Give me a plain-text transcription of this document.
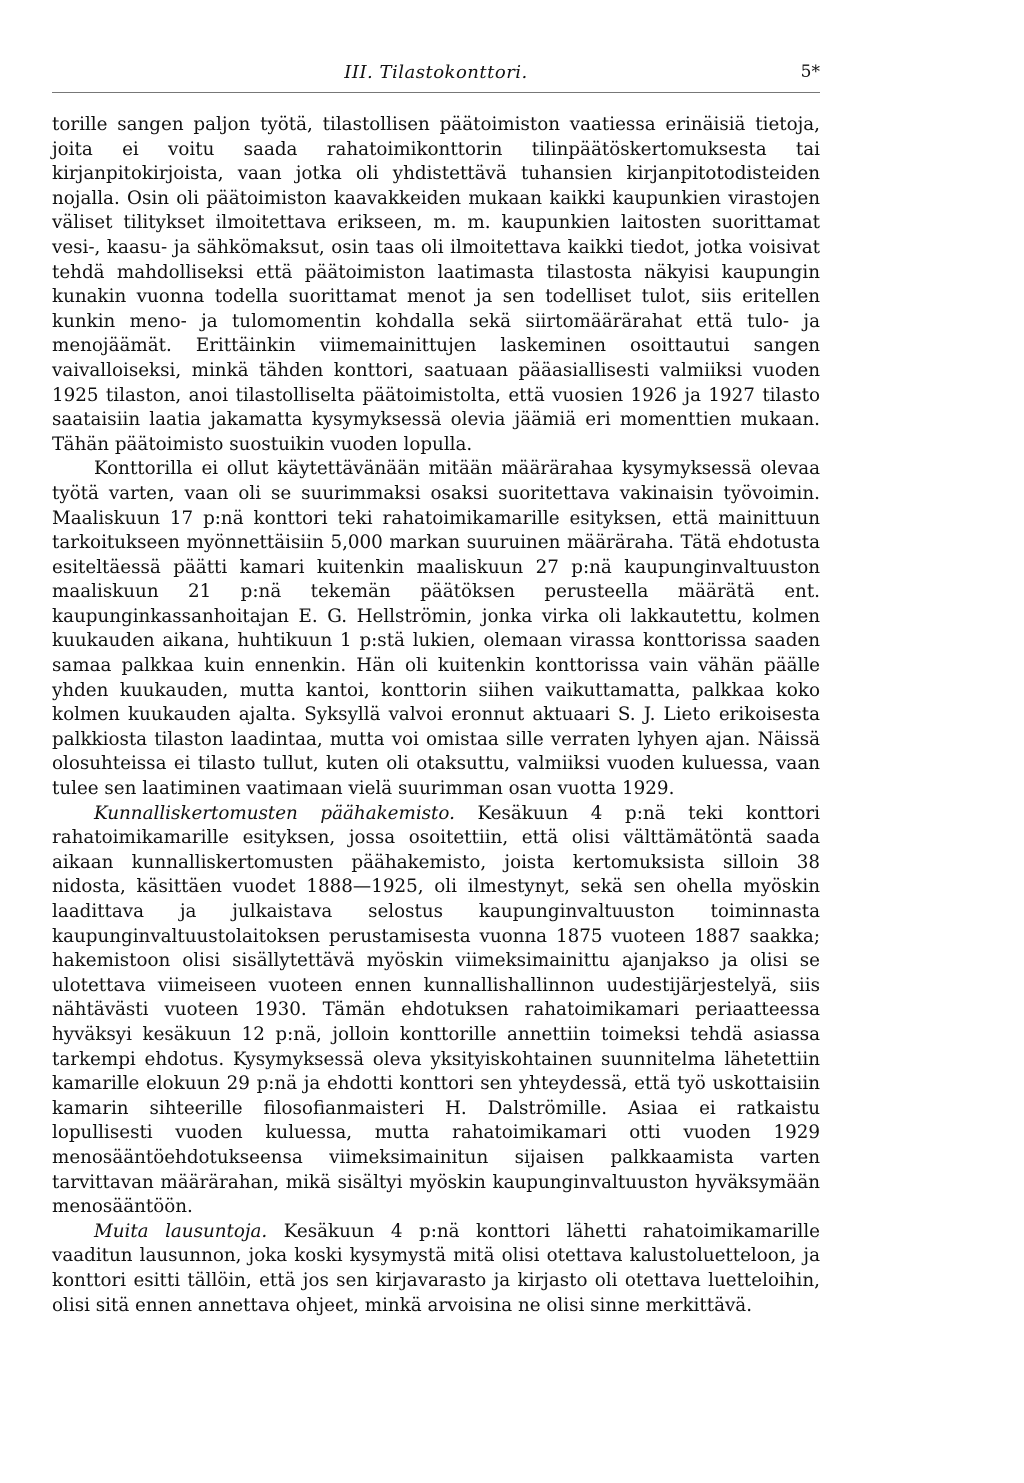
III. Tilastokonttori.	5*

torille sangen paljon työtä, tilastollisen päätoimiston vaatiessa erinäisiä tietoja, joita ei voitu saada rahatoimikonttorin tilinpäätöskertomuksesta tai kirjanpitokirjoista, vaan jotka oli yhdistettävä tuhansien kirjanpitotodisteiden nojalla. Osin oli päätoimiston kaavakkeiden mukaan kaikki kaupunkien virastojen väliset tilitykset ilmoitettava erikseen, m. m. kaupunkien laitosten suorittamat vesi-, kaasu- ja sähkömaksut, osin taas oli ilmoitettava kaikki tiedot, jotka voisivat tehdä mahdolliseksi että päätoimiston laatimasta tilastosta näkyisi kaupungin kunakin vuonna todella suorittamat menot ja sen todelliset tulot, siis eritellen kunkin meno- ja tulomomentin kohdalla sekä siirtomäärärahat että tulo- ja menojäämät. Erittäinkin viimemainittujen laskeminen osoittautui sangen vaivalloiseksi, minkä tähden konttori, saatuaan pääasiallisesti valmiiksi vuoden 1925 tilaston, anoi tilastolliselta päätoimistolta, että vuosien 1926 ja 1927 tilasto saataisiin laatia jakamatta kysymyksessä olevia jäämiä eri momenttien mukaan. Tähän päätoimisto suostuikin vuoden lopulla.

Konttorilla ei ollut käytettävänään mitään määrärahaa kysymyksessä olevaa työtä varten, vaan oli se suurimmaksi osaksi suoritettava vakinaisin työvoimin. Maaliskuun 17 p:nä konttori teki rahatoimikamarille esityksen, että mainittuun tarkoitukseen myönnettäisiin 5,000 markan suuruinen määräraha. Tätä ehdotusta esiteltäessä päätti kamari kuitenkin maaliskuun 27 p:nä kaupunginvaltuuston maaliskuun 21 p:nä tekemän päätöksen perusteella määrätä ent. kaupunginkassanhoitajan E. G. Hellströmin, jonka virka oli lakkautettu, kolmen kuukauden aikana, huhtikuun 1 p:stä lukien, olemaan virassa konttorissa saaden samaa palkkaa kuin ennenkin. Hän oli kuitenkin konttorissa vain vähän päälle yhden kuukauden, mutta kantoi, konttorin siihen vaikuttamatta, palkkaa koko kolmen kuukauden ajalta. Syksyllä valvoi eronnut aktuaari S. J. Lieto erikoisesta palkkiosta tilaston laadintaa, mutta voi omistaa sille verraten lyhyen ajan. Näissä olosuhteissa ei tilasto tullut, kuten oli otaksuttu, valmiiksi vuoden kuluessa, vaan tulee sen laatiminen vaatimaan vielä suurimman osan vuotta 1929.

Kunnalliskertomusten päähakemisto. Kesäkuun 4 p:nä teki konttori rahatoimikamarille esityksen, jossa osoitettiin, että olisi välttämätöntä saada aikaan kunnalliskertomusten päähakemisto, joista kertomuksista silloin 38 nidosta, käsittäen vuodet 1888—1925, oli ilmestynyt, sekä sen ohella myöskin laadittava ja julkaistava selostus kaupunginvaltuuston toiminnasta kaupunginvaltuustolaitoksen perustamisesta vuonna 1875 vuoteen 1887 saakka; hakemistoon olisi sisällytettävä myöskin viimeksimainittu ajanjakso ja olisi se ulotettava viimeiseen vuoteen ennen kunnallishallinnon uudestijärjestelyä, siis nähtävästi vuoteen 1930. Tämän ehdotuksen rahatoimikamari periaatteessa hyväksyi kesäkuun 12 p:nä, jolloin konttorille annettiin toimeksi tehdä asiassa tarkempi ehdotus. Kysymyksessä oleva yksityiskohtainen suunnitelma lähetettiin kamarille elokuun 29 p:nä ja ehdotti konttori sen yhteydessä, että työ uskottaisiin kamarin sihteerille filosofianmaisteri H. Dalströmille. Asiaa ei ratkaistu lopullisesti vuoden kuluessa, mutta rahatoimikamari otti vuoden 1929 menosääntöehdotukseensa viimeksimainitun sijaisen palkkaamista varten tarvittavan määrärahan, mikä sisältyi myöskin kaupunginvaltuuston hyväksymään menosääntöön.

Muita lausuntoja. Kesäkuun 4 p:nä konttori lähetti rahatoimikamarille vaaditun lausunnon, joka koski kysymystä mitä olisi otettava kalustoluetteloon, ja konttori esitti tällöin, että jos sen kirjavarasto ja kirjasto oli otettava luetteloihin, olisi sitä ennen annettava ohjeet, minkä arvoisina ne olisi sinne merkittävä.
